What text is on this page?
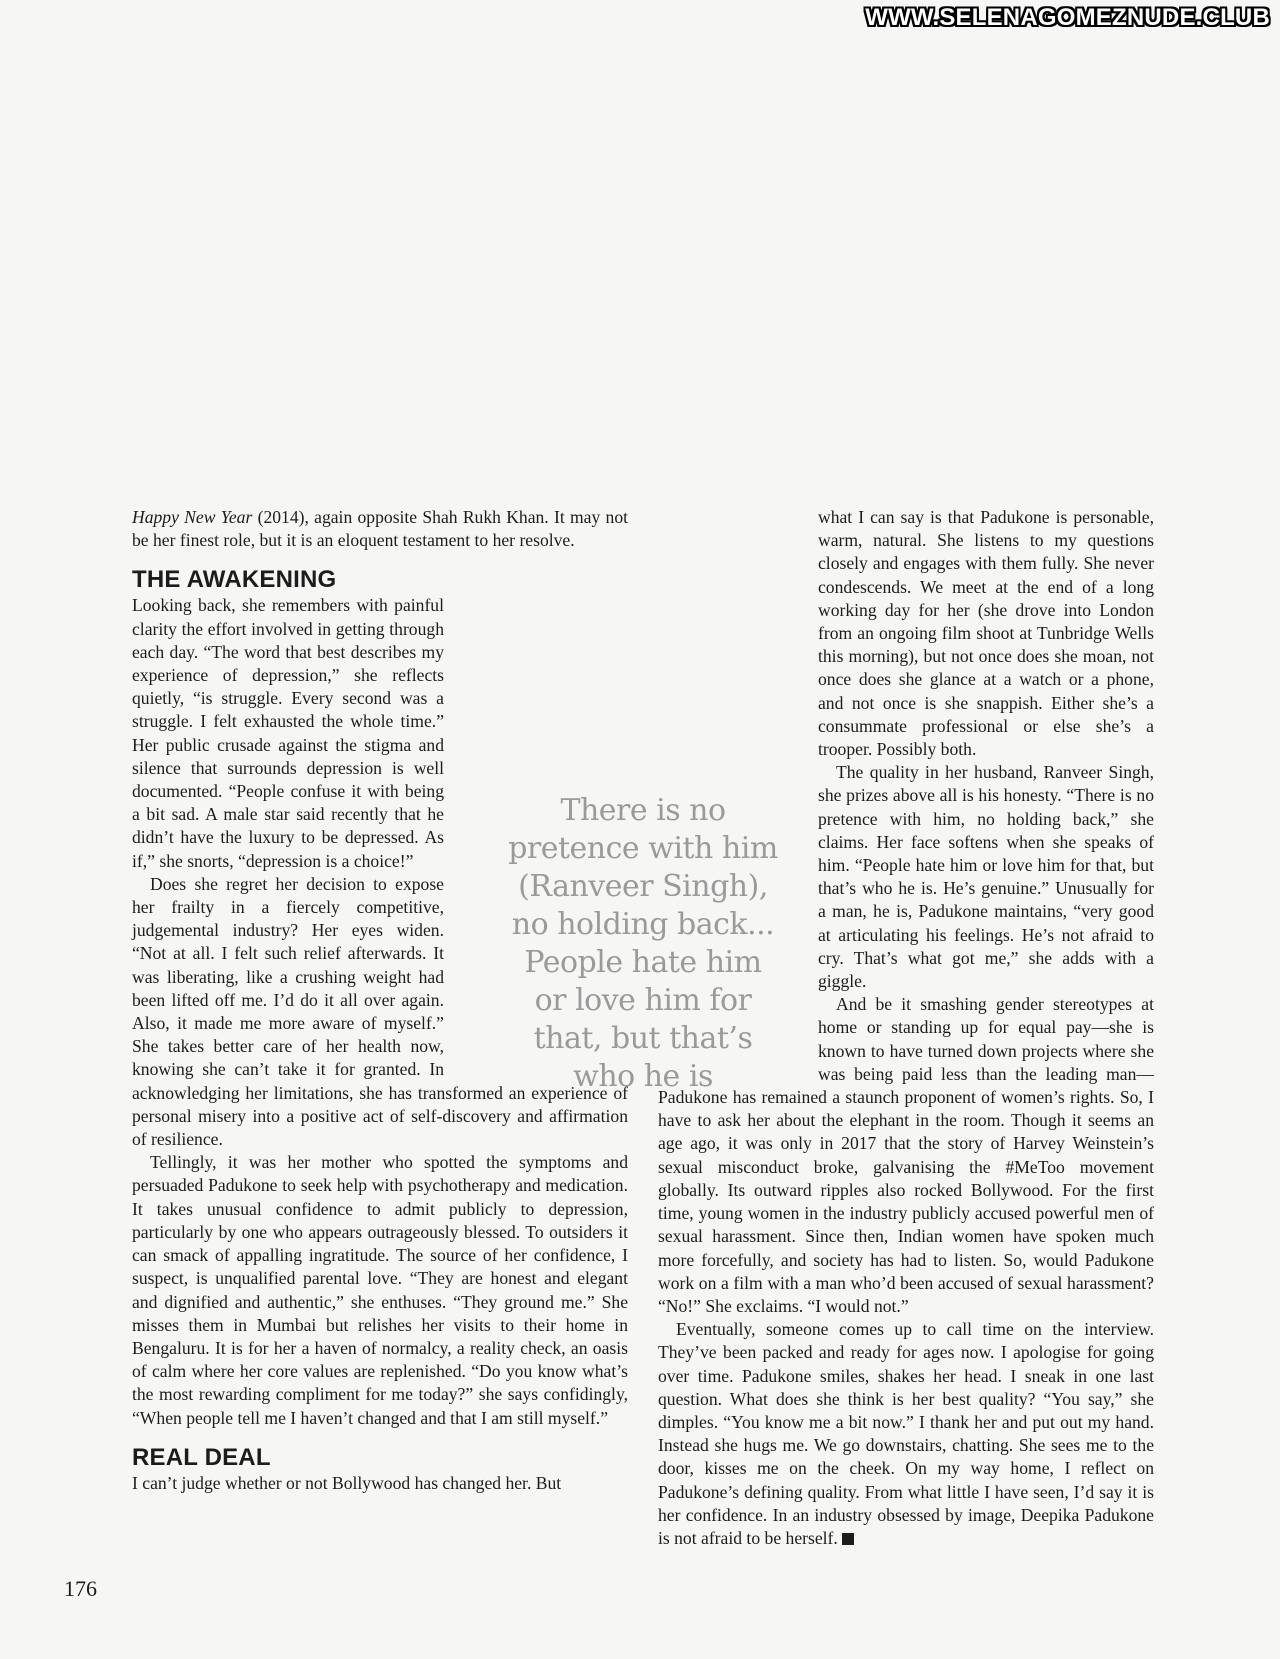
WWW.SELENAGOMEZNUDE.CLUB

Happy New Year (2014), again opposite Shah Rukh Khan. It may not be her finest role, but it is an eloquent testament to her resolve.

THE AWAKENING

Looking back, she remembers with painful clarity the effort involved in getting through each day. “The word that best describes my experience of depression,” she reflects quietly, “is struggle. Every second was a struggle. I felt exhausted the whole time.” Her public crusade against the stigma and silence that surrounds depression is well documented. “People confuse it with being a bit sad. A male star said recently that he didn’t have the luxury to be depressed. As if,” she snorts, “depression is a choice!”

Does she regret her decision to expose her frailty in a fiercely competitive, judgemental industry? Her eyes widen. “Not at all. I felt such relief afterwards. It was liberating, like a crushing weight had been lifted off me. I’d do it all over again. Also, it made me more aware of myself.” She takes better care of her health now, knowing she can’t take it for granted. In acknowledging her limitations, she has transformed an experience of personal misery into a positive act of self-discovery and affirmation of resilience.

Tellingly, it was her mother who spotted the symptoms and persuaded Padukone to seek help with psychotherapy and medication. It takes unusual confidence to admit publicly to depression, particularly by one who appears outrageously blessed. To outsiders it can smack of appalling ingratitude. The source of her confidence, I suspect, is unqualified parental love. “They are honest and elegant and dignified and authentic,” she enthuses. “They ground me.” She misses them in Mumbai but relishes her visits to their home in Bengaluru. It is for her a haven of normalcy, a reality check, an oasis of calm where her core values are replenished. “Do you know what’s the most rewarding compliment for me today?” she says confidingly, “When people tell me I haven’t changed and that I am still myself.”

REAL DEAL

I can’t judge whether or not Bollywood has changed her. But

what I can say is that Padukone is personable, warm, natural. She listens to my questions closely and engages with them fully. She never condescends. We meet at the end of a long working day for her (she drove into London from an ongoing film shoot at Tunbridge Wells this morning), but not once does she moan, not once does she glance at a watch or a phone, and not once is she snappish. Either she’s a consummate professional or else she’s a trooper. Possibly both.

The quality in her husband, Ranveer Singh, she prizes above all is his honesty. “There is no pretence with him, no holding back,” she claims. Her face softens when she speaks of him. “People hate him or love him for that, but that’s who he is. He’s genuine.” Unusually for a man, he is, Padukone maintains, “very good at articulating his feelings. He’s not afraid to cry. That’s what got me,” she adds with a giggle.

And be it smashing gender stereotypes at home or standing up for equal pay—she is known to have turned down projects where she was being paid less than the leading man—Padukone has remained a staunch proponent of women’s rights. So, I have to ask her about the elephant in the room. Though it seems an age ago, it was only in 2017 that the story of Harvey Weinstein’s sexual misconduct broke, galvanising the #MeToo movement globally. Its outward ripples also rocked Bollywood. For the first time, young women in the industry publicly accused powerful men of sexual harassment. Since then, Indian women have spoken much more forcefully, and society has had to listen. So, would Padukone work on a film with a man who’d been accused of sexual harassment? “No!” She exclaims. “I would not.”

Eventually, someone comes up to call time on the interview. They’ve been packed and ready for ages now. I apologise for going over time. Padukone smiles, shakes her head. I sneak in one last question. What does she think is her best quality? “You say,” she dimples. “You know me a bit now.” I thank her and put out my hand. Instead she hugs me. We go downstairs, chatting. She sees me to the door, kisses me on the cheek. On my way home, I reflect on Padukone’s defining quality. From what little I have seen, I’d say it is her confidence. In an industry obsessed by image, Deepika Padukone is not afraid to be herself.

There is no pretence with him (Ranveer Singh), no holding back... People hate him or love him for that, but that’s who he is
176
